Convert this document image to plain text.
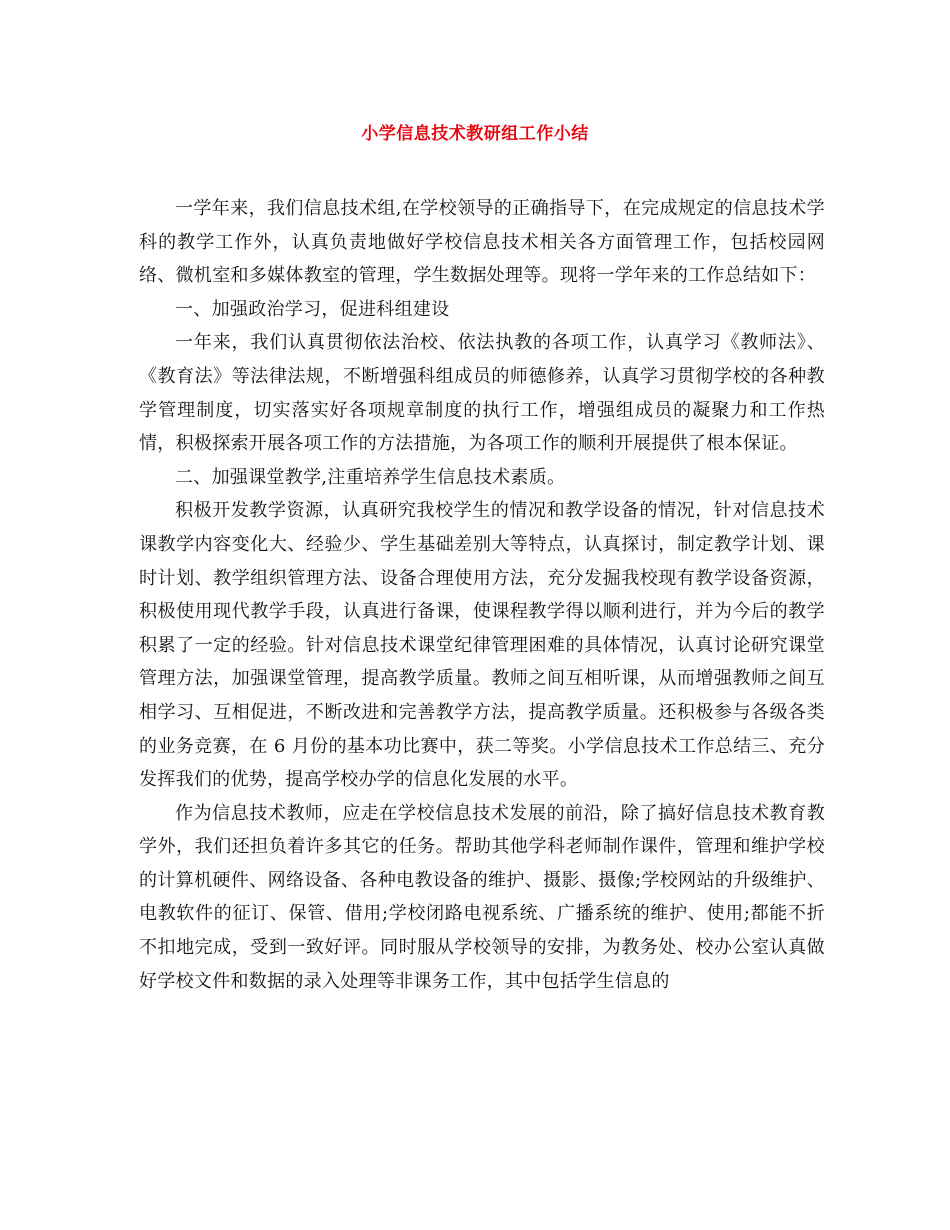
小学信息技术教研组工作小结

一学年来，我们信息技术组,在学校领导的正确指导下，在完成规定的信息技术学科的教学工作外，认真负责地做好学校信息技术相关各方面管理工作，包括校园网络、微机室和多媒体教室的管理，学生数据处理等。现将一学年来的工作总结如下：

一、加强政治学习，促进科组建设

一年来，我们认真贯彻依法治校、依法执教的各项工作，认真学习《教师法》、《教育法》等法律法规，不断增强科组成员的师德修养，认真学习贯彻学校的各种教学管理制度，切实落实好各项规章制度的执行工作，增强组成员的凝聚力和工作热情，积极探索开展各项工作的方法措施，为各项工作的顺利开展提供了根本保证。

二、加强课堂教学,注重培养学生信息技术素质。

积极开发教学资源，认真研究我校学生的情况和教学设备的情况，针对信息技术课教学内容变化大、经验少、学生基础差别大等特点，认真探讨，制定教学计划、课时计划、教学组织管理方法、设备合理使用方法，充分发掘我校现有教学设备资源，积极使用现代教学手段，认真进行备课，使课程教学得以顺利进行，并为今后的教学积累了一定的经验。针对信息技术课堂纪律管理困难的具体情况，认真讨论研究课堂管理方法，加强课堂管理，提高教学质量。教师之间互相听课，从而增强教师之间互相学习、互相促进，不断改进和完善教学方法，提高教学质量。还积极参与各级各类的业务竞赛，在 6 月份的基本功比赛中，获二等奖。小学信息技术工作总结三、充分发挥我们的优势，提高学校办学的信息化发展的水平。

作为信息技术教师，应走在学校信息技术发展的前沿，除了搞好信息技术教育教学外，我们还担负着许多其它的任务。帮助其他学科老师制作课件，管理和维护学校的计算机硬件、网络设备、各种电教设备的维护、摄影、摄像;学校网站的升级维护、电教软件的征订、保管、借用;学校闭路电视系统、广播系统的维护、使用;都能不折不扣地完成，受到一致好评。同时服从学校领导的安排，为教务处、校办公室认真做好学校文件和数据的录入处理等非课务工作，其中包括学生信息的
